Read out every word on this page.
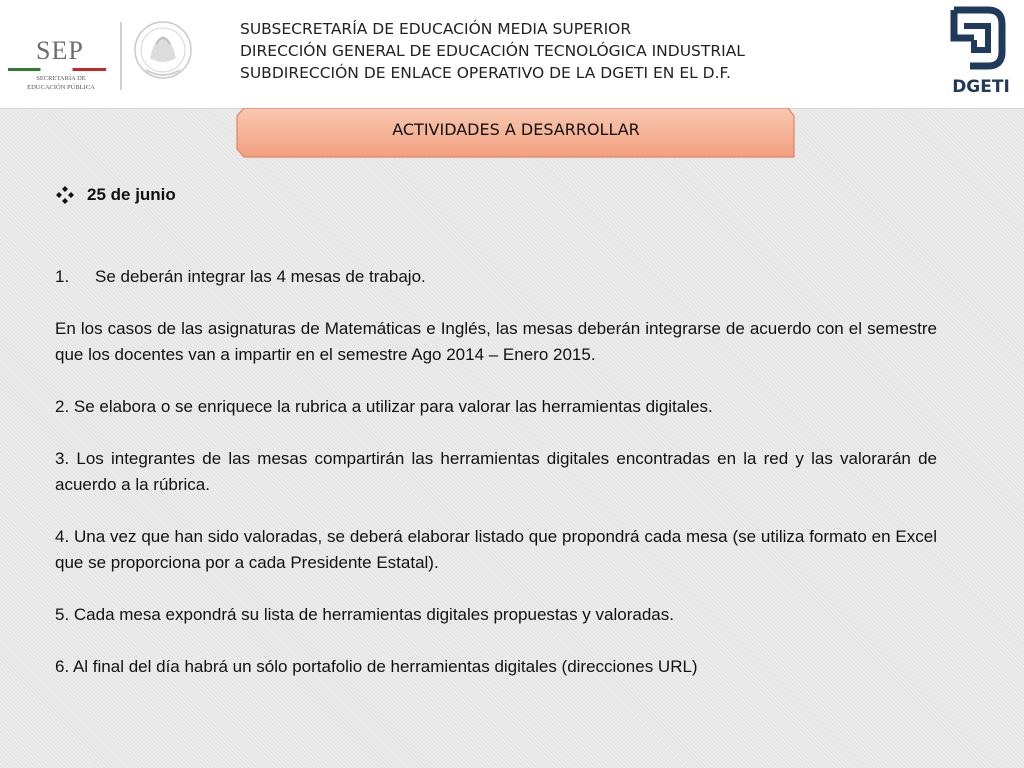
SEP
SECRETARÍA DE
EDUCACIÓN PÚBLICA
SUBSECRETARÍA DE EDUCACIÓN MEDIA SUPERIOR
DIRECCIÓN GENERAL DE EDUCACIÓN TECNOLÓGICA INDUSTRIAL
SUBDIRECCIÓN DE ENLACE OPERATIVO DE LA DGETI EN EL D.F.
DGETI
ACTIVIDADES A DESARROLLAR
25 de junio
1. Se deberán integrar las 4 mesas de trabajo.
En los casos de las asignaturas de Matemáticas e Inglés, las mesas deberán integrarse de acuerdo con el semestre que los docentes van a impartir en el semestre Ago 2014 – Enero 2015.
2. Se elabora o se enriquece la rubrica a utilizar para valorar las herramientas digitales.
3. Los integrantes de las mesas compartirán las herramientas digitales encontradas en la red y las valorarán de acuerdo a la rúbrica.
4. Una vez que han sido valoradas, se deberá elaborar listado que propondrá cada mesa (se utiliza formato en Excel que se proporciona por a cada Presidente Estatal).
5. Cada mesa expondrá su lista de herramientas digitales propuestas y valoradas.
6. Al final del día habrá un sólo portafolio de herramientas digitales (direcciones URL)
